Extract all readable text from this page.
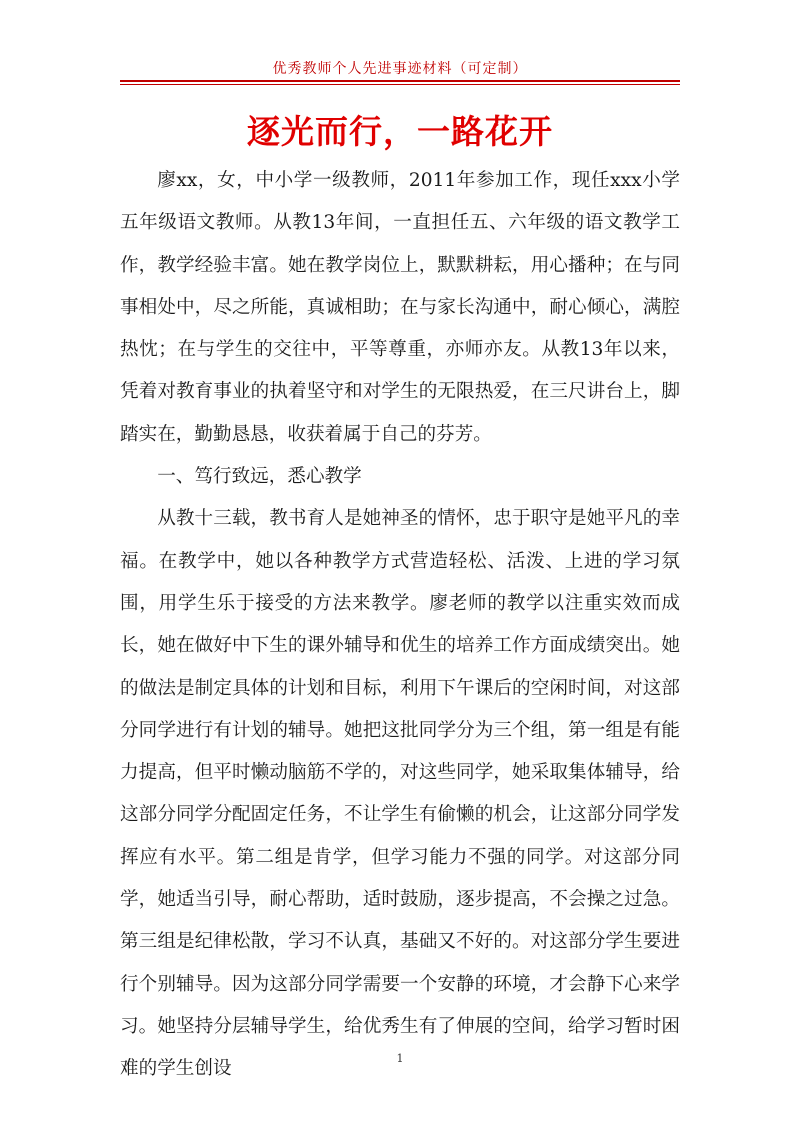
优秀教师个人先进事迹材料（可定制）
逐光而行，一路花开

廖xx，女，中小学一级教师，2011年参加工作，现任xxx小学五年级语文教师。从教13年间，一直担任五、六年级的语文教学工作，教学经验丰富。她在教学岗位上，默默耕耘，用心播种；在与同事相处中，尽之所能，真诚相助；在与家长沟通中，耐心倾心，满腔热忱；在与学生的交往中，平等尊重，亦师亦友。从教13年以来，凭着对教育事业的执着坚守和对学生的无限热爱，在三尺讲台上，脚踏实在，勤勤恳恳，收获着属于自己的芬芳。

一、笃行致远，悉心教学

从教十三载，教书育人是她神圣的情怀，忠于职守是她平凡的幸福。在教学中，她以各种教学方式营造轻松、活泼、上进的学习氛围，用学生乐于接受的方法来教学。廖老师的教学以注重实效而成长，她在做好中下生的课外辅导和优生的培养工作方面成绩突出。她的做法是制定具体的计划和目标，利用下午课后的空闲时间，对这部分同学进行有计划的辅导。她把这批同学分为三个组，第一组是有能力提高，但平时懒动脑筋不学的，对这些同学，她采取集体辅导，给这部分同学分配固定任务，不让学生有偷懒的机会，让这部分同学发挥应有水平。第二组是肯学，但学习能力不强的同学。对这部分同学，她适当引导，耐心帮助，适时鼓励，逐步提高，不会操之过急。第三组是纪律松散，学习不认真，基础又不好的。对这部分学生要进行个别辅导。因为这部分同学需要一个安静的环境，才会静下心来学习。她坚持分层辅导学生，给优秀生有了伸展的空间，给学习暂时困难的学生创设	1
